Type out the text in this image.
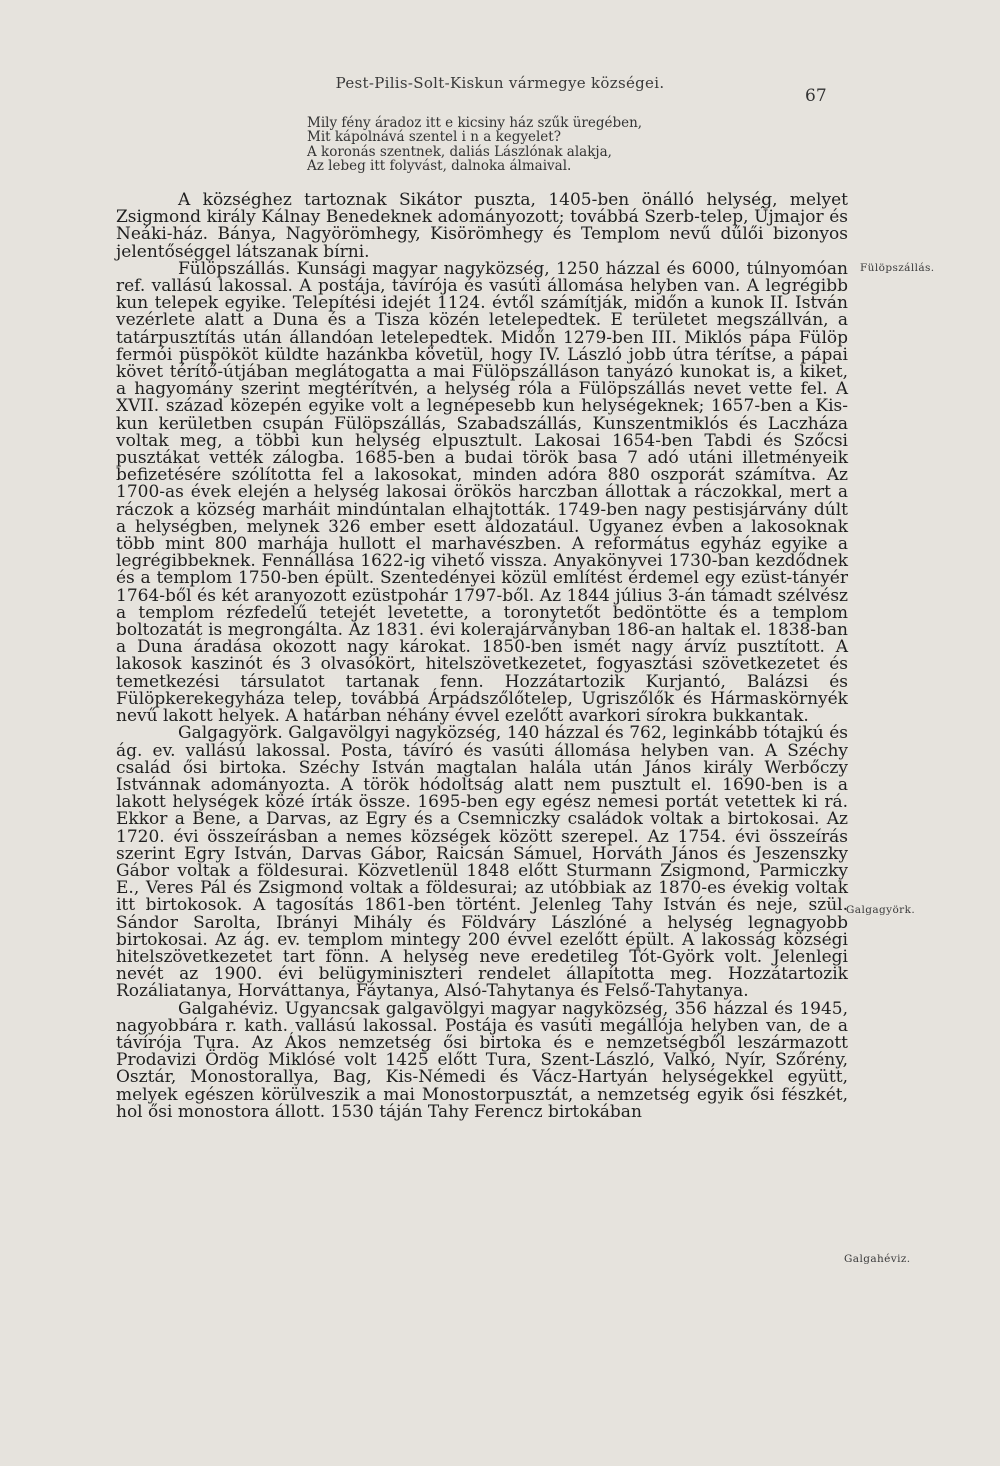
Pest-Pilis-Solt-Kiskun vármegye községei.
67
Mily fény áradoz itt e kicsiny ház szűk üregében,
Mit kápolnává szentel i n a kegyelet?
A koronás szentnek, daliás Lászlónak alakja,
Az lebeg itt folyvást, dalnoka álmaival.

A községhez tartoznak Sikátor puszta, 1405-ben önálló helység, melyet Zsigmond király Kálnay Benedeknek adományozott; továbbá Szerb-telep, Újmajor és Neáki-ház. Bánya, Nagyörömhegy, Kisörömhegy és Templom nevű dűlői bizonyos jelentőséggel látszanak bírni.

Fülöpszállás. Kunsági magyar nagyközség, 1250 házzal és 6000, túlnyomóan ref. vallású lakossal. A postája, távírója és vasúti állomása helyben van. A legrégibb kun telepek egyike. Telepítési idejét 1124. évtől számítják, midőn a kunok II. István vezérlete alatt a Duna és a Tisza közén letelepedtek. E területet megszállván, a tatárpusztítás után állandóan letelepedtek. Midőn 1279-ben III. Miklós pápa Fülöp fermói püspököt küldte hazánkba követül, hogy IV. László jobb útra térítse, a pápai követ térítő-útjában meglátogatta a mai Fülöpszálláson tanyázó kunokat is, a kiket, a hagyomány szerint megtérítvén, a helység róla a Fülöpszállás nevet vette fel. A XVII. század közepén egyike volt a legnépesebb kun helységeknek; 1657-ben a Kis-kun kerületben csupán Fülöpszállás, Szabadszállás, Kunszentmiklós és Laczháza voltak meg, a többi kun helység elpusztult. Lakosai 1654-ben Tabdi és Szőcsi pusztákat vették zálogba. 1685-ben a budai török basa 7 adó utáni illetményeik befizetésére szólította fel a lakosokat, minden adóra 880 oszporát számítva. Az 1700-as évek elején a helység lakosai örökös harczban állottak a ráczokkal, mert a ráczok a község marháit mindúntalan elhajtották. 1749-ben nagy pestisjárvány dúlt a helységben, melynek 326 ember esett áldozatául. Ugyanez évben a lakosoknak több mint 800 marhája hullott el marhavészben. A református egyház egyike a legrégibbeknek. Fennállása 1622-ig vihető vissza. Anyakönyvei 1730-ban kezdődnek és a templom 1750-ben épült. Szentedényei közül említést érdemel egy ezüst-tányér 1764-ből és két aranyozott ezüstpohár 1797-ből. Az 1844 július 3-án támadt szélvész a templom rézfedelű tetejét levetette, a toronytetőt bedöntötte és a templom boltozatát is megrongálta. Az 1831. évi kolerajárványban 186-an haltak el. 1838-ban a Duna áradása okozott nagy károkat. 1850-ben ismét nagy árvíz pusztított. A lakosok kaszinót és 3 olvasókört, hitelszövetkezetet, fogyasztási szövetkezetet és temetkezési társulatot tartanak fenn. Hozzátartozik Kurjantó, Balázsi és Fülöpkerekegyháza telep, továbbá Árpádszőlőtelep, Ugriszőlők és Hármaskörnyék nevű lakott helyek. A határban néhány évvel ezelőtt avarkori sírokra bukkantak.

Galgagyörk. Galgavölgyi nagyközség, 140 házzal és 762, leginkább tótajkú és ág. ev. vallású lakossal. Posta, távíró és vasúti állomása helyben van. A Széchy család ősi birtoka. Széchy István magtalan halála után János király Werbőczy Istvánnak adományozta. A török hódoltság alatt nem pusztult el. 1690-ben is a lakott helységek közé írták össze. 1695-ben egy egész nemesi portát vetettek ki rá. Ekkor a Bene, a Darvas, az Egry és a Csemniczky családok voltak a birtokosai. Az 1720. évi összeírásban a nemes községek között szerepel. Az 1754. évi összeírás szerint Egry István, Darvas Gábor, Raicsán Sámuel, Horváth János és Jeszenszky Gábor voltak a földesurai. Közvetlenül 1848 előtt Sturmann Zsigmond, Parmiczky E., Veres Pál és Zsigmond voltak a földesurai; az utóbbiak az 1870-es évekig voltak itt birtokosok. A tagosítás 1861-ben történt. Jelenleg Tahy István és neje, szül. Sándor Sarolta, Ibrányi Mihály és Földváry Lászlóné a helység legnagyobb birtokosai. Az ág. ev. templom mintegy 200 évvel ezelőtt épült. A lakosság községi hitelszövetkezetet tart fönn. A helység neve eredetileg Tót-Györk volt. Jelenlegi nevét az 1900. évi belügyminiszteri rendelet állapította meg. Hozzátartozik Rozáliatanya, Horváttanya, Fáytanya, Alsó-Tahytanya és Felső-Tahytanya.

Galgahéviz. Ugyancsak galgavölgyi magyar nagyközség, 356 házzal és 1945, nagyobbára r. kath. vallású lakossal. Postája és vasúti megállója helyben van, de a távírója Tura. Az Ákos nemzetség ősi birtoka és e nemzetségből leszármazott Prodavizi Ördög Miklósé volt 1425 előtt Tura, Szent-László, Valkó, Nyír, Szőrény, Osztár, Monostorallya, Bag, Kis-Némedi és Vácz-Hartyán helységekkel együtt, melyek egészen körülveszik a mai Monostorpusztát, a nemzetség egyik ősi fészkét, hol ősi monostora állott. 1530 táján Tahy Ferencz birtokában

Fülöpszállás.
Galgagyörk.
Galgahéviz.
